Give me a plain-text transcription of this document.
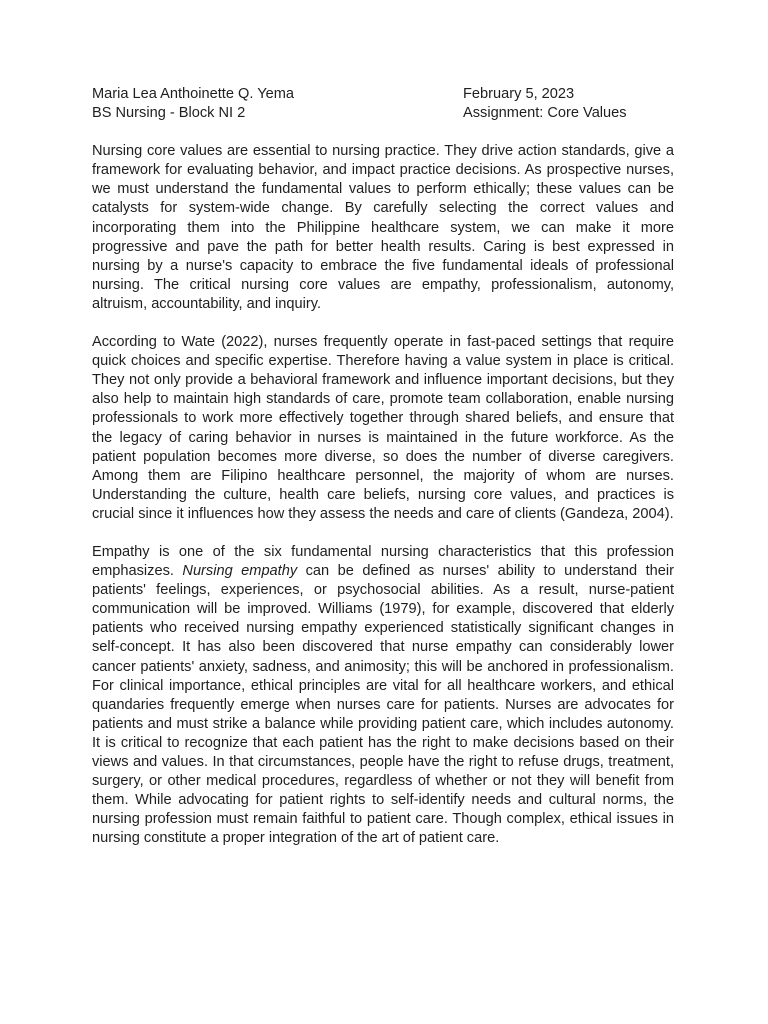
Maria Lea Anthoinette Q. Yema
BS Nursing - Block NI 2
February 5, 2023
Assignment: Core Values

Nursing core values are essential to nursing practice. They drive action standards, give a framework for evaluating behavior, and impact practice decisions. As prospective nurses, we must understand the fundamental values to perform ethically; these values can be catalysts for system-wide change. By carefully selecting the correct values and incorporating them into the Philippine healthcare system, we can make it more progressive and pave the path for better health results. Caring is best expressed in nursing by a nurse's capacity to embrace the five fundamental ideals of professional nursing. The critical nursing core values are empathy, professionalism, autonomy, altruism, accountability, and inquiry.

According to Wate (2022), nurses frequently operate in fast-paced settings that require quick choices and specific expertise. Therefore having a value system in place is critical. They not only provide a behavioral framework and influence important decisions, but they also help to maintain high standards of care, promote team collaboration, enable nursing professionals to work more effectively together through shared beliefs, and ensure that the legacy of caring behavior in nurses is maintained in the future workforce. As the patient population becomes more diverse, so does the number of diverse caregivers. Among them are Filipino healthcare personnel, the majority of whom are nurses. Understanding the culture, health care beliefs, nursing core values, and practices is crucial since it influences how they assess the needs and care of clients (Gandeza, 2004).

Empathy is one of the six fundamental nursing characteristics that this profession emphasizes. Nursing empathy can be defined as nurses' ability to understand their patients' feelings, experiences, or psychosocial abilities. As a result, nurse-patient communication will be improved. Williams (1979), for example, discovered that elderly patients who received nursing empathy experienced statistically significant changes in self-concept. It has also been discovered that nurse empathy can considerably lower cancer patients' anxiety, sadness, and animosity; this will be anchored in professionalism. For clinical importance, ethical principles are vital for all healthcare workers, and ethical quandaries frequently emerge when nurses care for patients. Nurses are advocates for patients and must strike a balance while providing patient care, which includes autonomy. It is critical to recognize that each patient has the right to make decisions based on their views and values. In that circumstances, people have the right to refuse drugs, treatment, surgery, or other medical procedures, regardless of whether or not they will benefit from them. While advocating for patient rights to self-identify needs and cultural norms, the nursing profession must remain faithful to patient care. Though complex, ethical issues in nursing constitute a proper integration of the art of patient care.
